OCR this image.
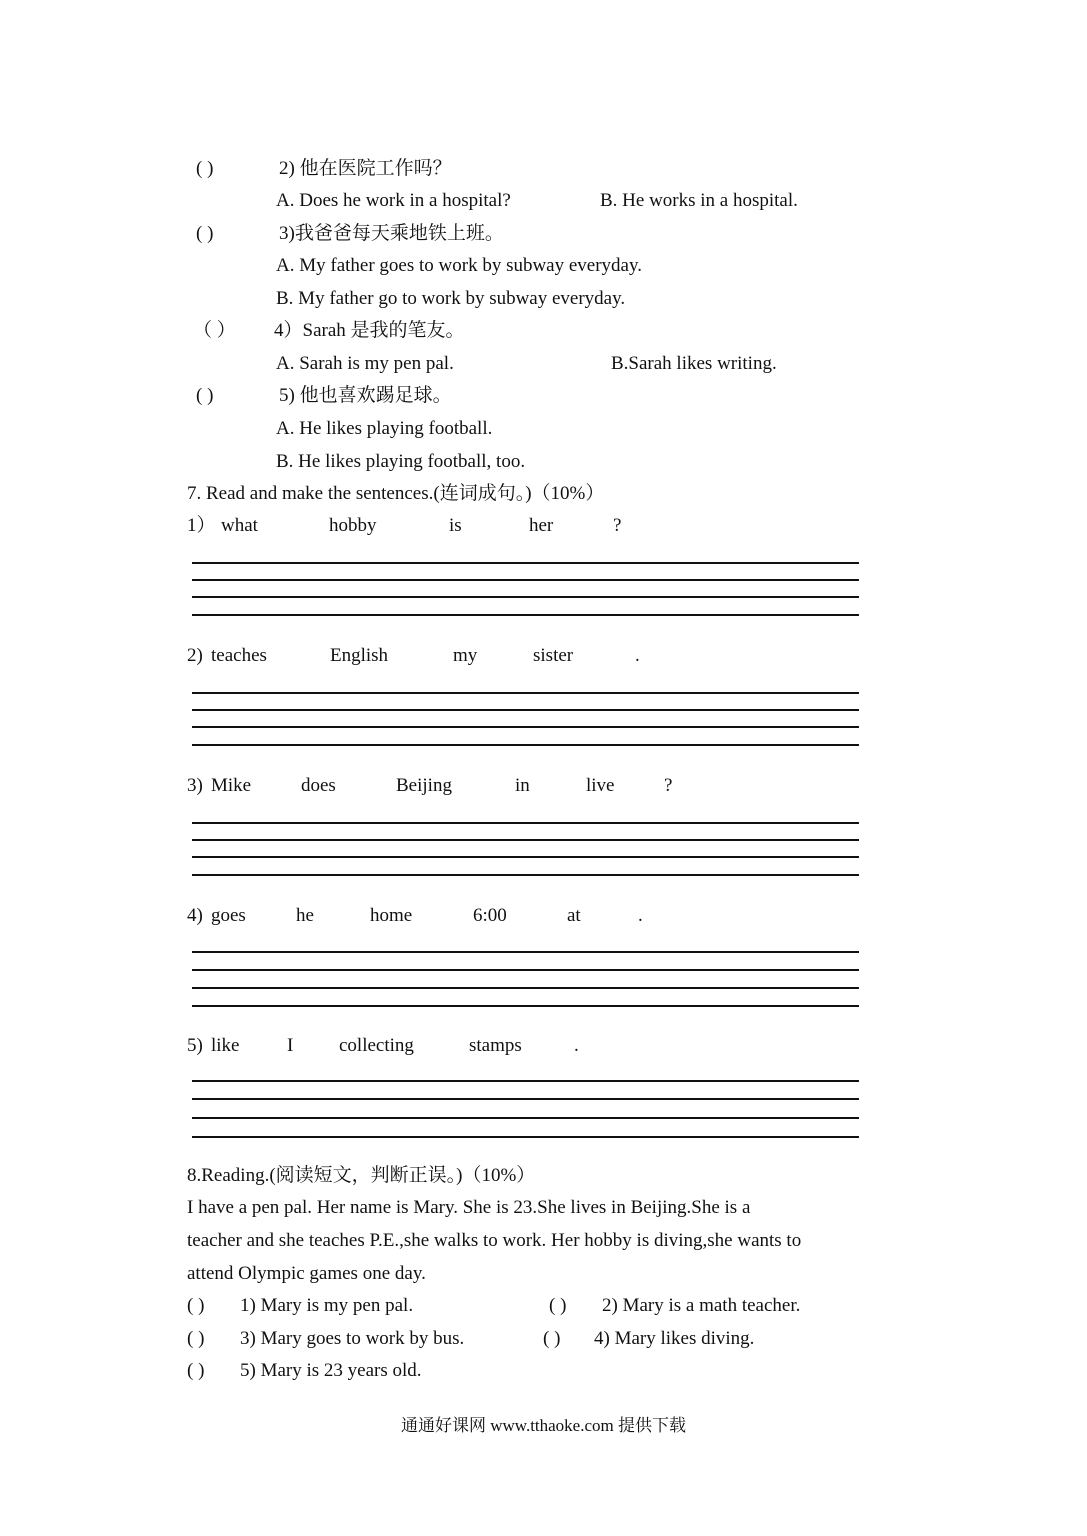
( )	2) 他在医院工作吗？
A. Does he work in a hospital?	B. He works in a hospital.
( )	3)我爸爸每天乘地铁上班。
A. My father goes to work by subway everyday.
B. My father go to work by subway everyday.
（ ） 4）Sarah 是我的笔友。
A. Sarah is my pen pal.	B.Sarah likes writing.
( )	5) 他也喜欢踢足球。
A. He likes playing football.
B. He likes playing football, too.
7. Read and make the sentences.(连词成句。)（10%）
1） what	hobby	is	her	?
2) teaches	English	my	sister	.
3) Mike	does	Beijing	in	live	?
4) goes	he	home	6:00	at	.
5) like	I collecting	stamps	.
8.Reading.(阅读短文，判断正误。)（10%）
I have a pen pal. Her name is Mary. She is 23.She lives in Beijing.She is a
teacher and she teaches P.E.,she walks to work. Her hobby is diving,she wants to
attend Olympic games one day.
( ) 1) Mary is my pen pal.	( ) 2) Mary is a math teacher.
( ) 3) Mary goes to work by bus.	( ) 4) Mary likes diving.
( ) 5) Mary is 23 years old.
通通好课网 www.tthaoke.com 提供下载
